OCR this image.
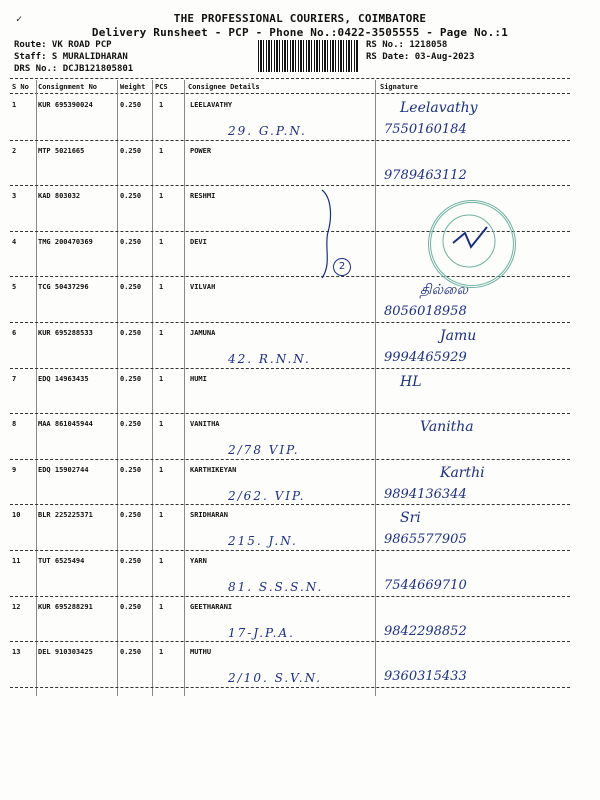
THE PROFESSIONAL COURIERS, COIMBATORE
Delivery Runsheet - PCP - Phone No.:0422-3505555 - Page No.:1
✓
Route: VK ROAD PCP
Staff: S MURALIDHARAN
DRS No.: DCJB121805801
RS No.: 1218058
RS Date: 03-Aug-2023
S No Consignment No	Weight PCS	Consignee Details	Signature
1	KUR 695390024	0.250	1	LEELAVATHY
29. G.P.N.	7550160184
Leelavathy
2	MTP 5021665	0.250	1	POWER
9789463112
3	KAD 803032	0.250	1	RESHMI
4	TMG 200470369	0.250	1	DEVI
5	TCG 50437296	0.250	1	VILVAH
8056018958
தில்லை
6	KUR 695288533	0.250	1	JAMUNA
42. R.N.N.	9994465929
Jamu
7	EDQ 14963435	0.250	1	HUMI	HL
8	MAA 861045944	0.250	1	VANITHA
2/78 VIP.
Vanitha
9	EDQ 15902744	0.250	1	KARTHIKEYAN
2/62. VIP.	9894136344
Karthi
10	BLR 225225371	0.250	1	SRIDHARAN
215. J.N.	9865577905
Sri
11	TUT 6525494	0.250	1	YARN
81. S.S.S.N.	7544669710
12	KUR 695288291	0.250	1	GEETHARANI
17-J.P.A.	9842298852
13	DEL 910303425	0.250	1	MUTHU
2/10. S.V.N.	9360315433
2
